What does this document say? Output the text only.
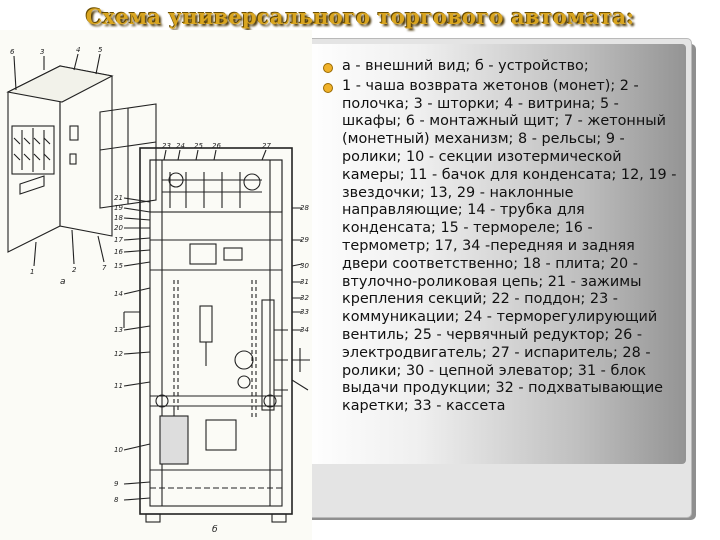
Схема универсального торгового автомата:
3	4	5
6
1	2	7
21
19
18
20
17
16
15
14
13
12
11
10
9
8
23 24 25 26	27
28
29
30
31
32
33
34
а
б
а - внешний вид; б - устройство;
1 - чаша возврата жетонов (монет); 2 - полочка; 3 - шторки; 4 - витрина; 5 - шкафы; 6 - монтажный щит; 7 - жетонный (монетный) механизм; 8 - рельсы; 9 - ролики; 10 - секции изотермической камеры; 11 - бачок для конденсата; 12, 19 - звездочки; 13, 29 - наклонные направляющие; 14 - трубка для конденсата; 15 - термореле; 16 - термометр; 17, 34 -передняя и задняя двери соответственно; 18 - плита; 20 - втулочно-роликовая цепь; 21 - зажимы крепления секций; 22 - поддон; 23 - коммуникации; 24 - терморегулирующий вентиль; 25 - червячный редуктор; 26 - электродвигатель; 27 - испаритель; 28 - ролики; 30 - цепной элеватор; 31 - блок выдачи продукции; 32 - подхватывающие каретки; 33 - кассета
